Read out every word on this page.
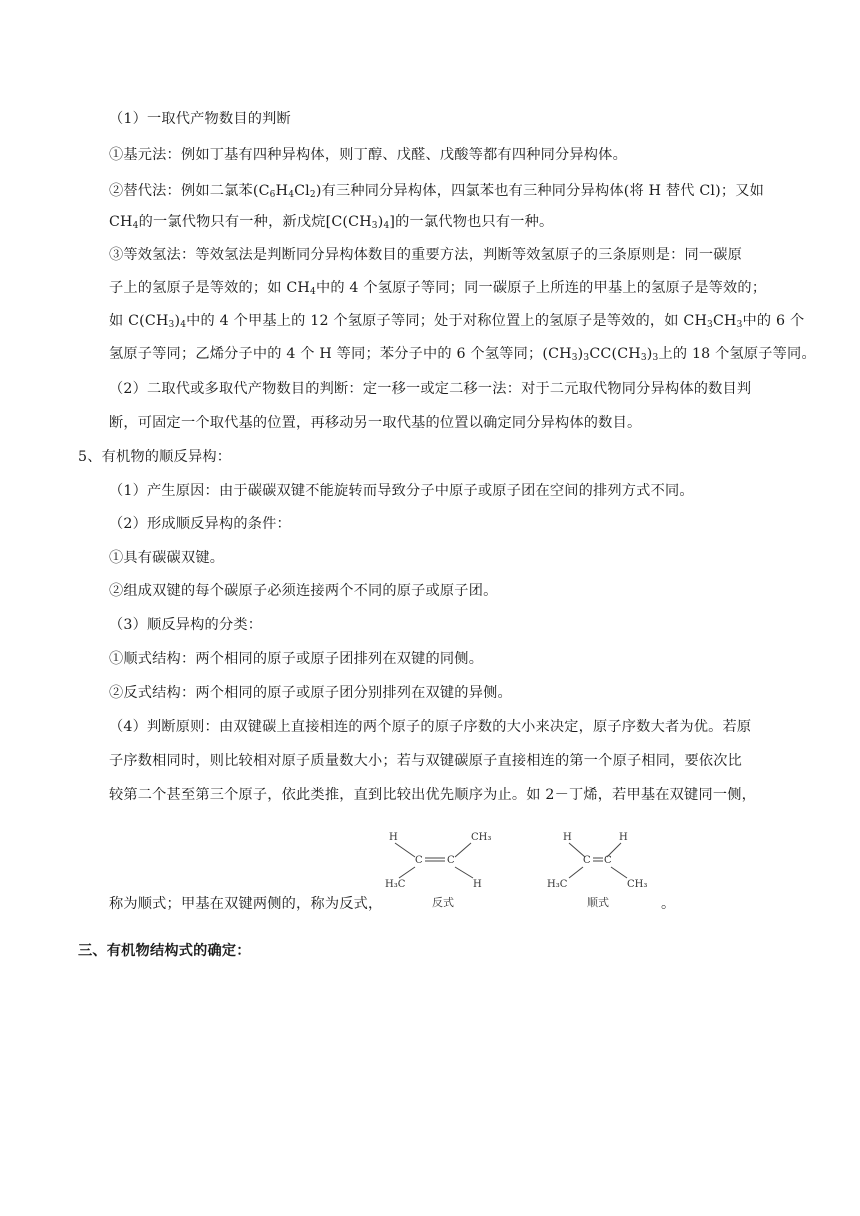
（1）一取代产物数目的判断
①基元法：例如丁基有四种异构体，则丁醇、戊醛、戊酸等都有四种同分异构体。
②替代法：例如二氯苯$(C_6H_4Cl_2)$有三种同分异构体，四氯苯也有三种同分异构体(将 H 替代 Cl)；又如
$CH_4$的一氯代物只有一种，新戊烷$[C(CH_3)_4]$的一氯代物也只有一种。
③等效氢法：等效氢法是判断同分异构体数目的重要方法，判断等效氢原子的三条原则是：同一碳原
子上的氢原子是等效的；如 $CH_4$中的 4 个氢原子等同；同一碳原子上所连的甲基上的氢原子是等效的；
如 $C(CH_3)_4$中的 4 个甲基上的 12 个氢原子等同；处于对称位置上的氢原子是等效的，如 $CH_3CH_3$中的 6 个
氢原子等同；乙烯分子中的 4 个 H 等同；苯分子中的 6 个氢等同；$(CH_3)_3CC(CH_3)_3$上的 18 个氢原子等同。
（2）二取代或多取代产物数目的判断：定一移一或定二移一法：对于二元取代物同分异构体的数目判
断，可固定一个取代基的位置，再移动另一取代基的位置以确定同分异构体的数目。
5、有机物的顺反异构：
（1）产生原因：由于碳碳双键不能旋转而导致分子中原子或原子团在空间的排列方式不同。
（2）形成顺反异构的条件：
①具有碳碳双键。
②组成双键的每个碳原子必须连接两个不同的原子或原子团。
（3）顺反异构的分类：
①顺式结构：两个相同的原子或原子团排列在双键的同侧。
②反式结构：两个相同的原子或原子团分别排列在双键的异侧。
（4）判断原则：由双键碳上直接相连的两个原子的原子序数的大小来决定，原子序数大者为优。若原
子序数相同时，则比较相对原子质量数大小；若与双键碳原子直接相连的第一个原子相同，要依次比
较第二个甚至第三个原子，依此类推，直到比较出优先顺序为止。如 2－丁烯，若甲基在双键同一侧，
称为顺式；甲基在双键两侧的，称为反式，	。
H	CH₃
C C
H₃C	H
反式
H	H
C C
H₃C	CH₃
顺式
三、有机物结构式的确定：
